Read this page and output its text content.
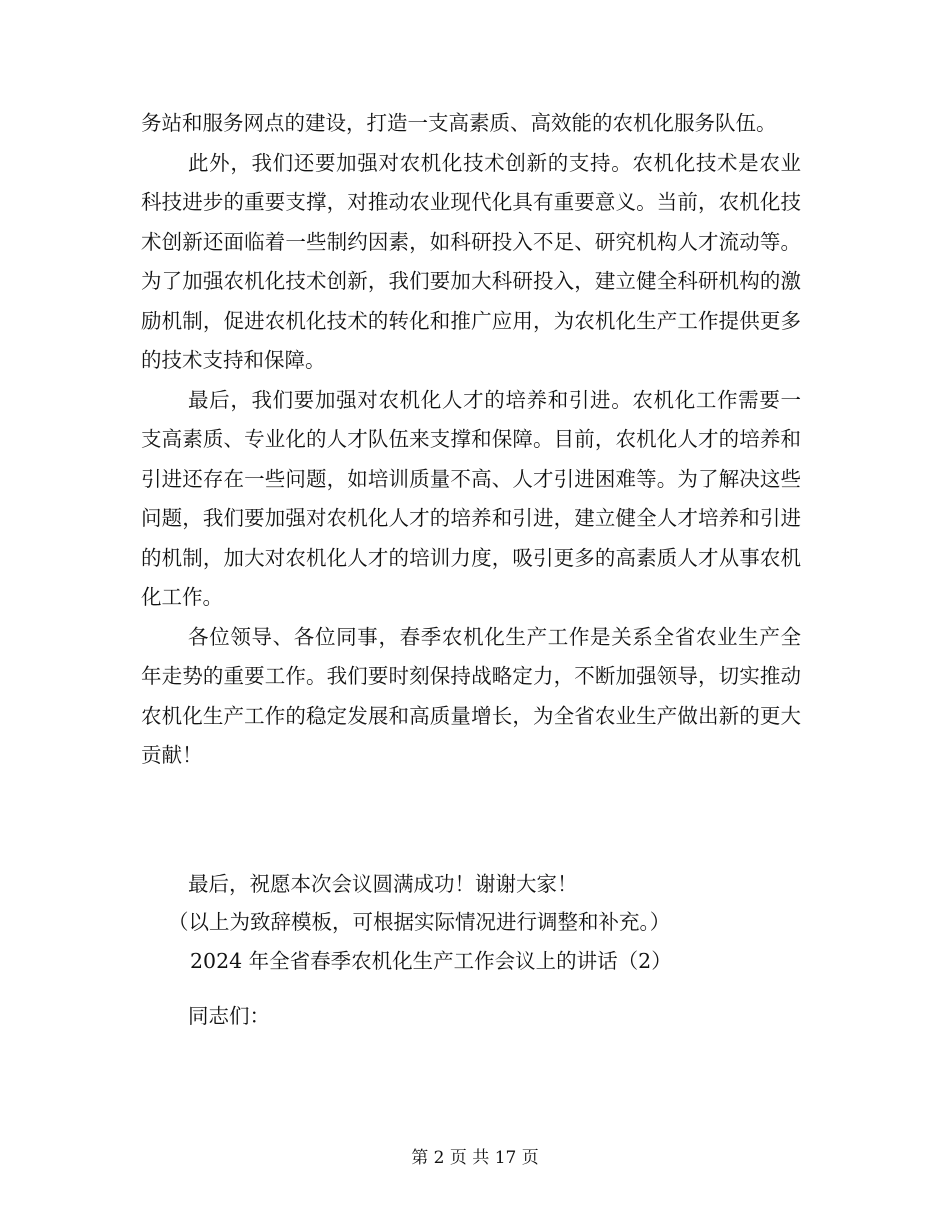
务站和服务网点的建设，打造一支高素质、高效能的农机化服务队伍。

此外，我们还要加强对农机化技术创新的支持。农机化技术是农业科技进步的重要支撑，对推动农业现代化具有重要意义。当前，农机化技术创新还面临着一些制约因素，如科研投入不足、研究机构人才流动等。为了加强农机化技术创新，我们要加大科研投入，建立健全科研机构的激励机制，促进农机化技术的转化和推广应用，为农机化生产工作提供更多的技术支持和保障。

最后，我们要加强对农机化人才的培养和引进。农机化工作需要一支高素质、专业化的人才队伍来支撑和保障。目前，农机化人才的培养和引进还存在一些问题，如培训质量不高、人才引进困难等。为了解决这些问题，我们要加强对农机化人才的培养和引进，建立健全人才培养和引进的机制，加大对农机化人才的培训力度，吸引更多的高素质人才从事农机化工作。

各位领导、各位同事，春季农机化生产工作是关系全省农业生产全年走势的重要工作。我们要时刻保持战略定力，不断加强领导，切实推动农机化生产工作的稳定发展和高质量增长，为全省农业生产做出新的更大贡献！

最后，祝愿本次会议圆满成功！谢谢大家！

（以上为致辞模板，可根据实际情况进行调整和补充。）

2024 年全省春季农机化生产工作会议上的讲话（2）

同志们：

第 2 页 共 17 页
